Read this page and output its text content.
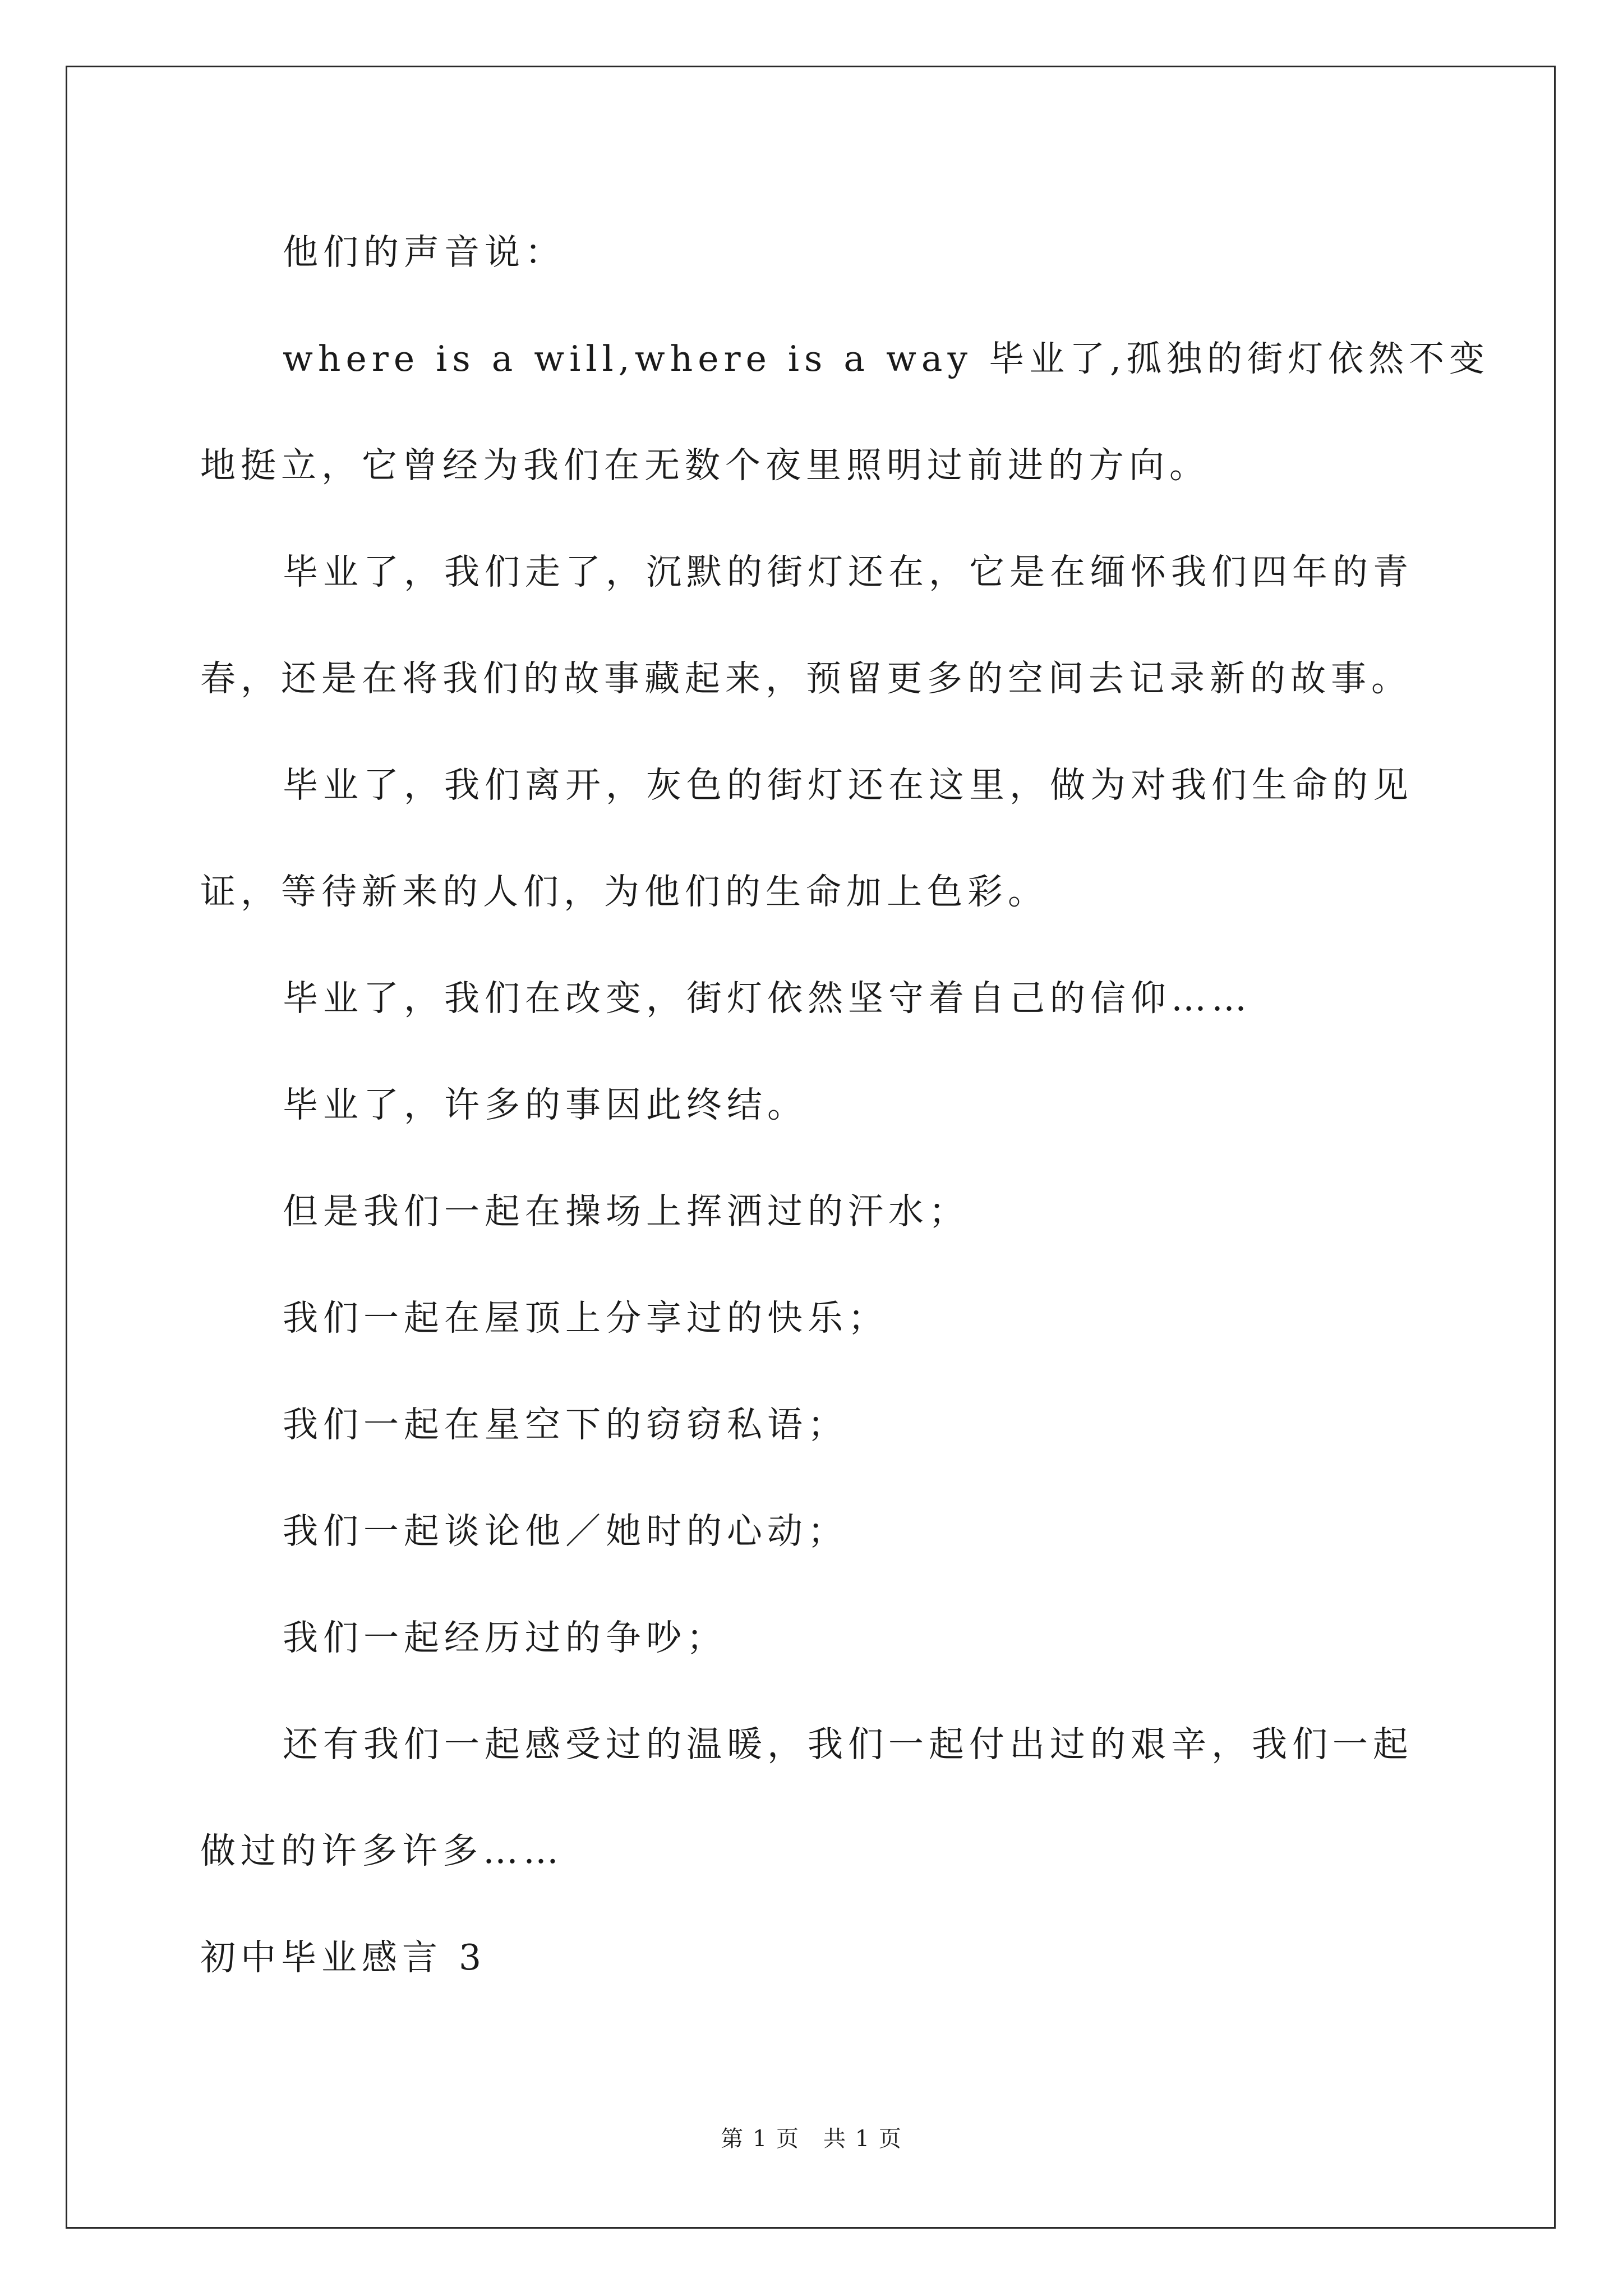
他们的声音说：
where is a will,where is a way 毕业了,孤独的街灯依然不变
地挺立，它曾经为我们在无数个夜里照明过前进的方向。
毕业了，我们走了，沉默的街灯还在，它是在缅怀我们四年的青
春，还是在将我们的故事藏起来，预留更多的空间去记录新的故事。
毕业了，我们离开，灰色的街灯还在这里，做为对我们生命的见
证，等待新来的人们，为他们的生命加上色彩。
毕业了，我们在改变，街灯依然坚守着自己的信仰……
毕业了，许多的事因此终结。
但是我们一起在操场上挥洒过的汗水；
我们一起在屋顶上分享过的快乐；
我们一起在星空下的窃窃私语；
我们一起谈论他／她时的心动；
我们一起经历过的争吵；
还有我们一起感受过的温暖，我们一起付出过的艰辛，我们一起
做过的许多许多……
初中毕业感言 3
第 1 页　共 1 页
